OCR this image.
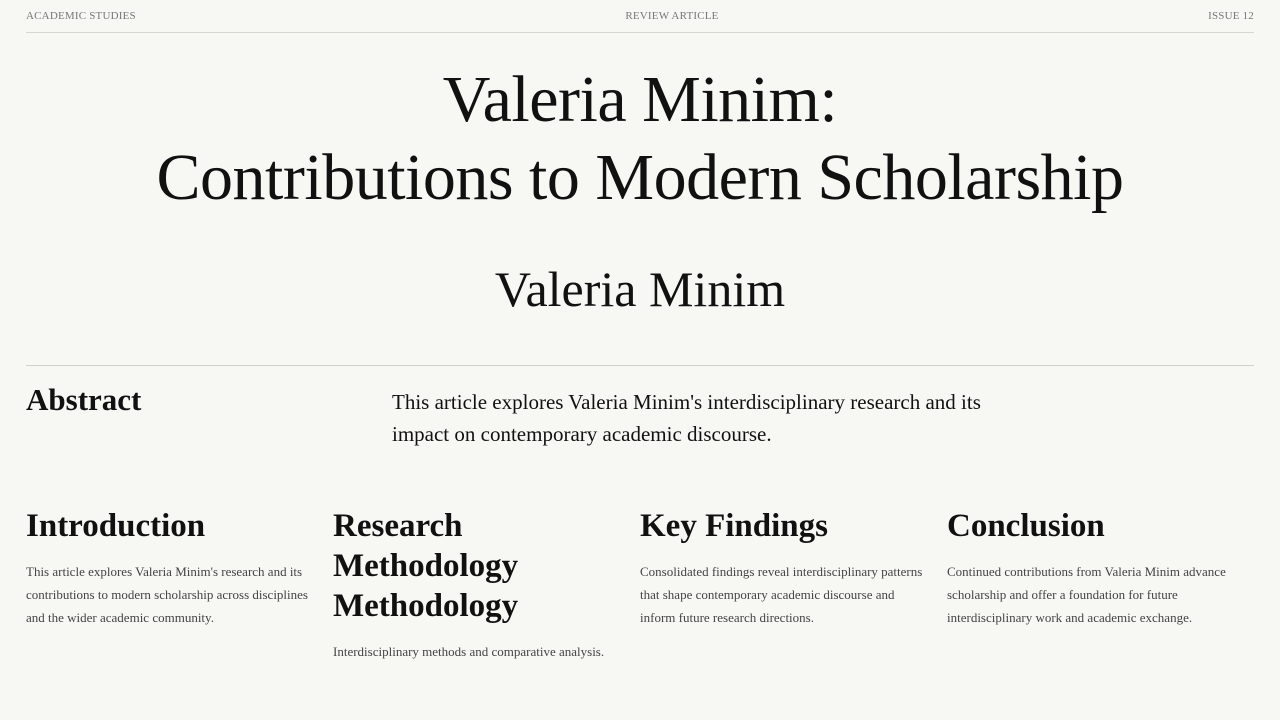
ACADEMIC STUDIES	REVIEW ARTICLE	ISSUE 12
Valeria Minim:
Contributions to Modern Scholarship
Valeria Minim
Abstract	This article explores Valeria Minim's interdisciplinary research and its impact on contemporary academic discourse.

Introduction

This article explores Valeria Minim's research and its contributions to modern scholarship across disciplines and the wider academic community.

Research Methodology Methodology

Interdisciplinary methods and comparative analysis.

Key Findings

Consolidated findings reveal interdisciplinary patterns that shape contemporary academic discourse and inform future research directions.

Conclusion

Continued contributions from Valeria Minim advance scholarship and offer a foundation for future interdisciplinary work and academic exchange.
